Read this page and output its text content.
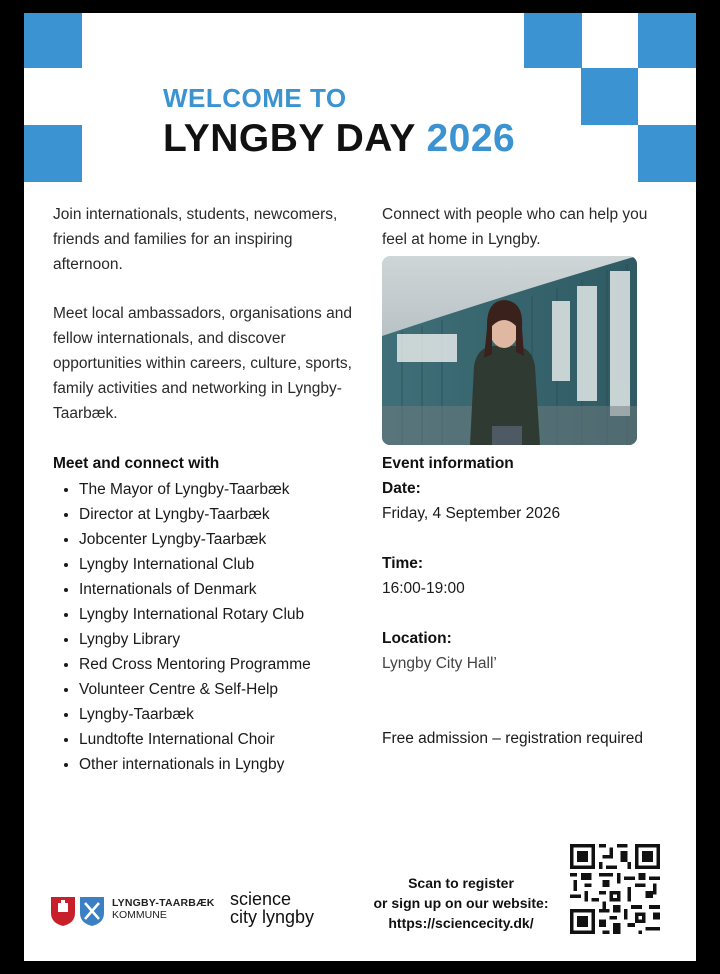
WELCOME TO
LYNGBY DAY 2026

Join internationals, students, newcomers, friends and families for an inspiring afternoon.

Meet local ambassadors, organisations and fellow internationals, and discover opportunities within careers, culture, sports, family activities and networking in Lyngby-Taarbæk.

Connect with people who can help you feel at home in Lyngby.

Meet and connect with
• The Mayor of Lyngby-Taarbæk
• Director at Lyngby-Taarbæk
• Jobcenter Lyngby-Taarbæk
• Lyngby International Club
• Internationals of Denmark
• Lyngby International Rotary Club
• Lyngby Library
• Red Cross Mentoring Programme
• Volunteer Centre & Self-Help
• Lyngby-Taarbæk
• Lundtofte International Choir
• Other internationals in Lyngby
Event information
Date:
Friday, 4 September 2026
Time:
16:00-19:00
Location:
Lyngby City Hall’
Free admission – registration required
LYNGBY-TAARBÆK
KOMMUNE
science
city lyngby
Scan to register
or sign up on our website:
https://sciencecity.dk/
